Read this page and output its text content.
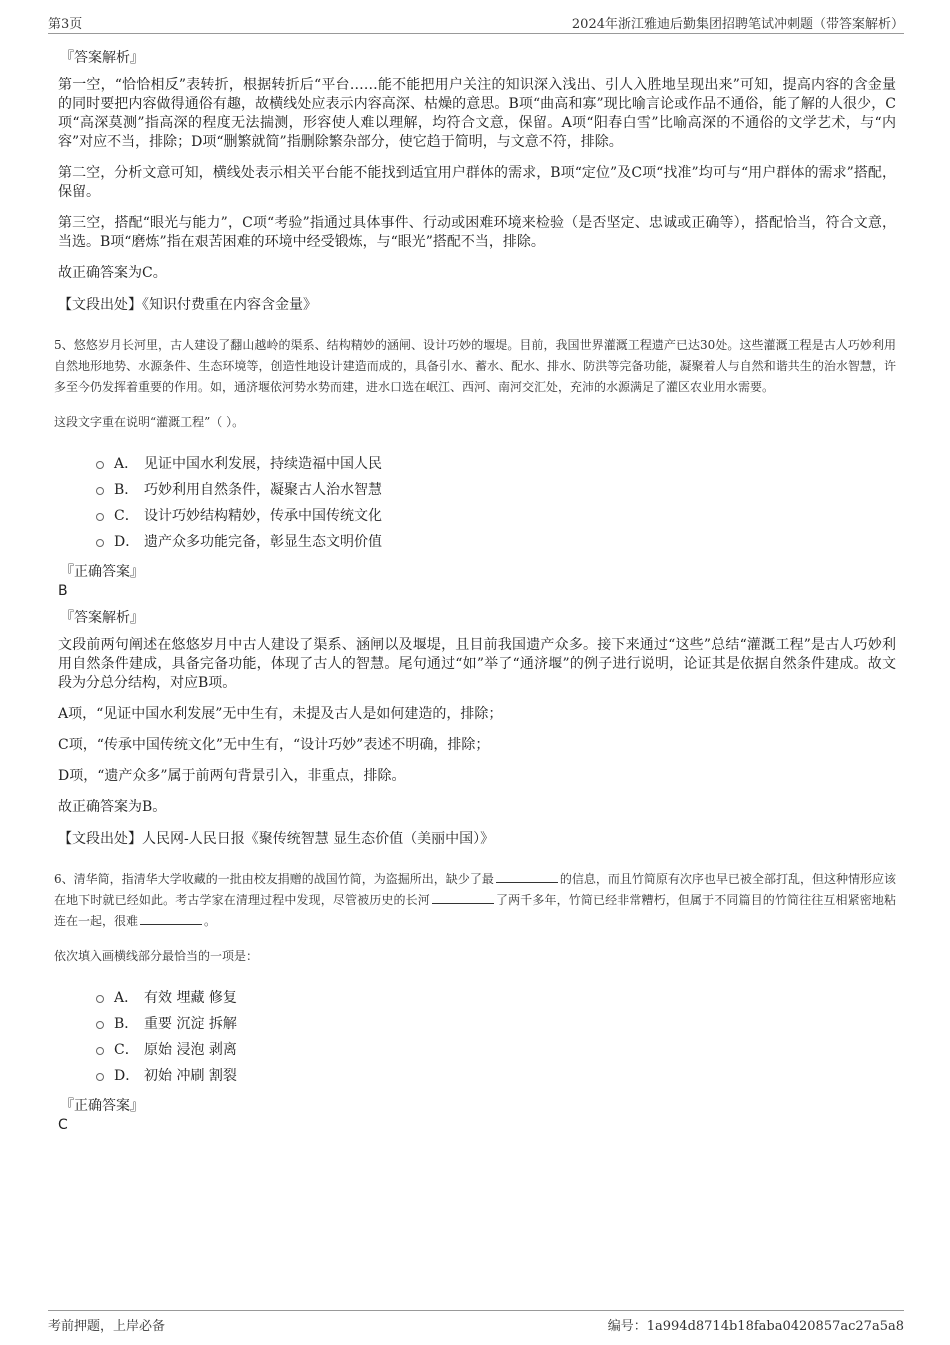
第3页	2024年浙江雅迪后勤集团招聘笔试冲刺题（带答案解析）
『答案解析』

第一空，“恰恰相反”表转折，根据转折后“平台……能不能把用户关注的知识深入浅出、引人入胜地呈现出来”可知，提高内容的含金量的同时要把内容做得通俗有趣，故横线处应表示内容高深、枯燥的意思。B项“曲高和寡”现比喻言论或作品不通俗，能了解的人很少，C项“高深莫测”指高深的程度无法揣测，形容使人难以理解，均符合文意，保留。A项“阳春白雪”比喻高深的不通俗的文学艺术，与“内容”对应不当，排除；D项“删繁就简”指删除繁杂部分，使它趋于简明，与文意不符，排除。

第二空，分析文意可知，横线处表示相关平台能不能找到适宜用户群体的需求，B项“定位”及C项“找准”均可与“用户群体的需求”搭配，保留。

第三空，搭配“眼光与能力”，C项“考验”指通过具体事件、行动或困难环境来检验（是否坚定、忠诚或正确等），搭配恰当，符合文意，当选。B项“磨炼”指在艰苦困难的环境中经受锻炼，与“眼光”搭配不当，排除。

故正确答案为C。

【文段出处】《知识付费重在内容含金量》

5、悠悠岁月长河里，古人建设了翻山越岭的渠系、结构精妙的涵闸、设计巧妙的堰堤。目前，我国世界灌溉工程遗产已达30处。这些灌溉工程是古人巧妙利用自然地形地势、水源条件、生态环境等，创造性地设计建造而成的，具备引水、蓄水、配水、排水、防洪等完备功能，凝聚着人与自然和谐共生的治水智慧，许多至今仍发挥着重要的作用。如，通济堰依河势水势而建，进水口选在岷江、西河、南河交汇处，充沛的水源满足了灌区农业用水需要。

这段文字重在说明“灌溉工程”（ ）。

A． 见证中国水利发展，持续造福中国人民
B． 巧妙利用自然条件，凝聚古人治水智慧
C． 设计巧妙结构精妙，传承中国传统文化
D． 遗产众多功能完备，彰显生态文明价值
『正确答案』
B
『答案解析』

文段前两句阐述在悠悠岁月中古人建设了渠系、涵闸以及堰堤，且目前我国遗产众多。接下来通过“这些”总结“灌溉工程”是古人巧妙利用自然条件建成，具备完备功能，体现了古人的智慧。尾句通过“如”举了“通济堰”的例子进行说明，论证其是依据自然条件建成。故文段为分总分结构，对应B项。

A项，“见证中国水利发展”无中生有，未提及古人是如何建造的，排除；

C项，“传承中国传统文化”无中生有，“设计巧妙”表述不明确，排除；

D项，“遗产众多”属于前两句背景引入，非重点，排除。

故正确答案为B。

【文段出处】人民网-人民日报《聚传统智慧 显生态价值（美丽中国）》

6、清华简，指清华大学收藏的一批由校友捐赠的战国竹简，为盗掘所出，缺少了最	的信息，而且竹简原有次序也早已被全部打乱，但这种情形应该在地下时就已经如此。考古学家在清理过程中发现，尽管被历史的长河	了两千多年，竹简已经非常糟朽，但属于不同篇目的竹简往往互相紧密地粘连在一起，很难	。

依次填入画横线部分最恰当的一项是：

A． 有效 埋藏 修复
B． 重要 沉淀 拆解
C． 原始 浸泡 剥离
D． 初始 冲刷 割裂
『正确答案』
C
考前押题，上岸必备	编号：1a994d8714b18faba0420857ac27a5a8
